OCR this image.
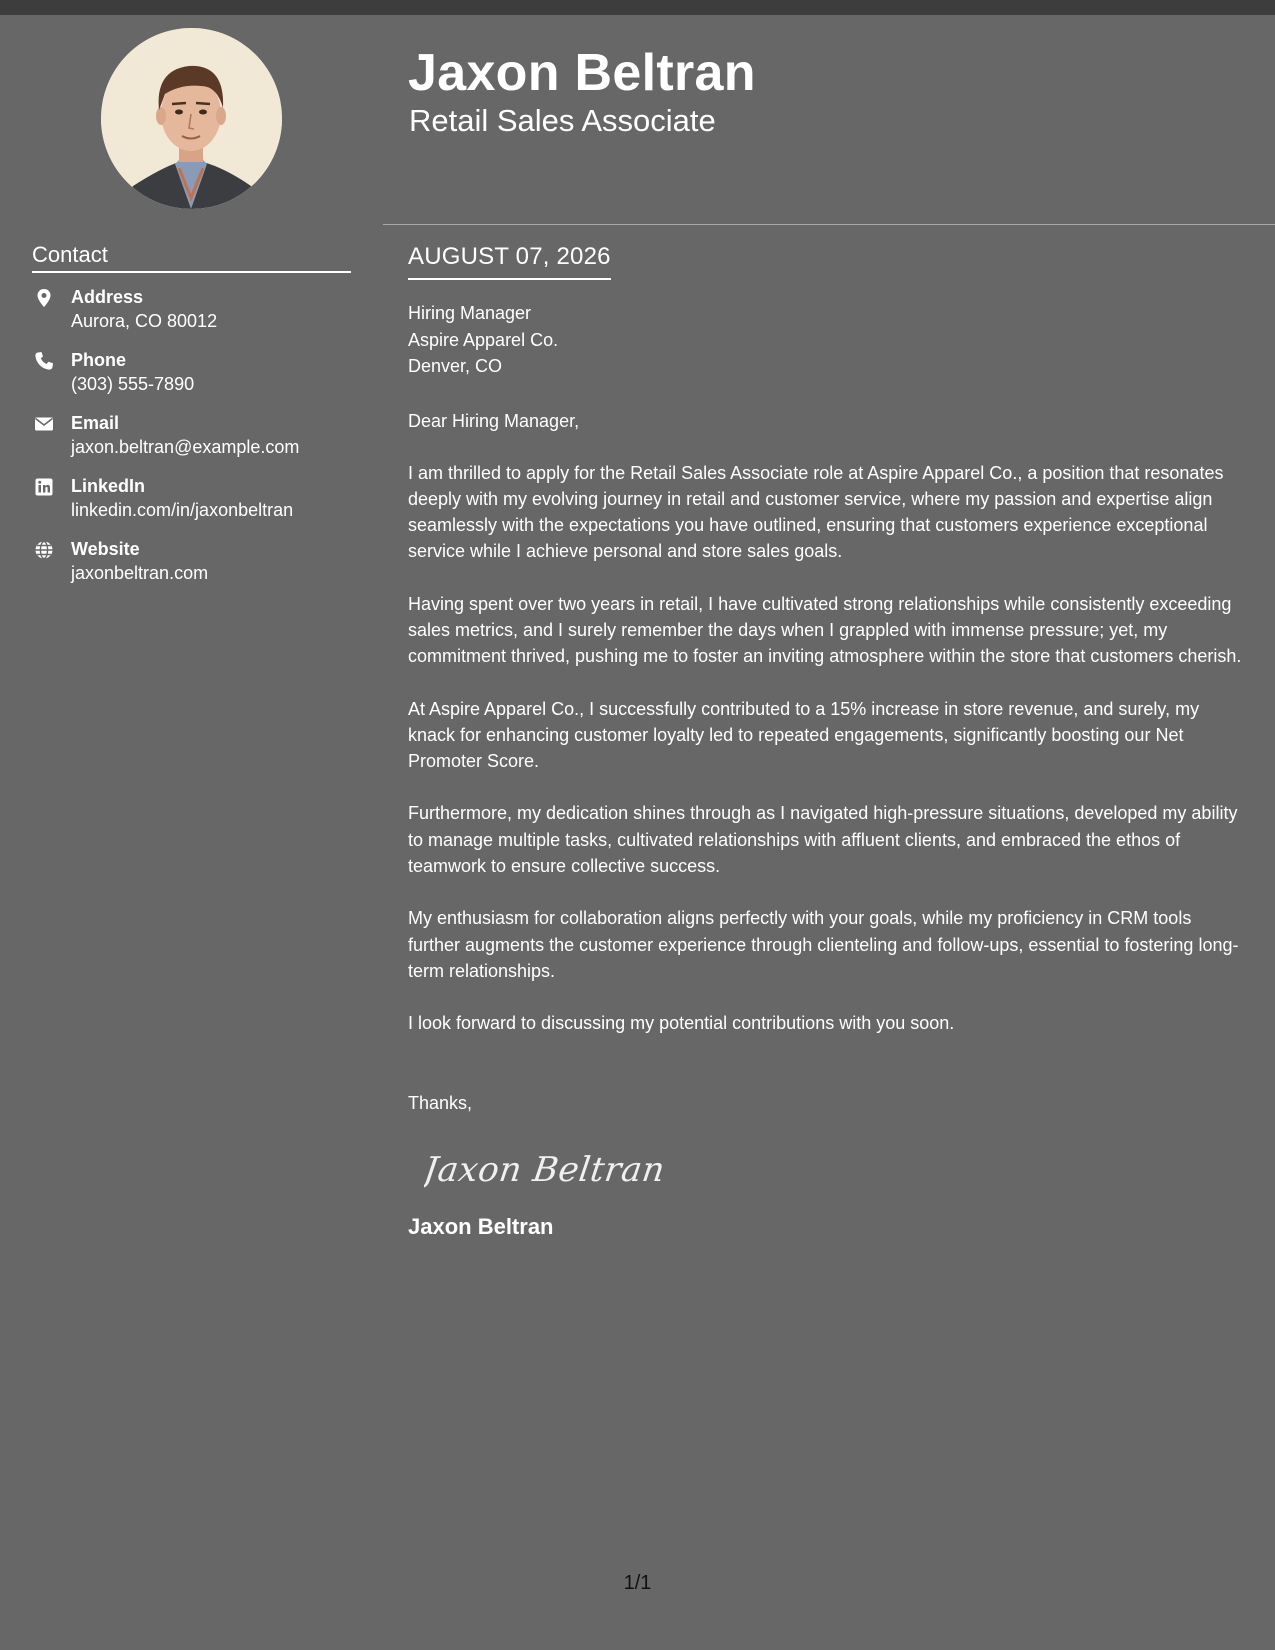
Contact
Address
Aurora, CO 80012
Phone
(303) 555-7890
Email
jaxon.beltran@example.com
LinkedIn
linkedin.com/in/jaxonbeltran
Website
jaxonbeltran.com
Jaxon Beltran
Retail Sales Associate
AUGUST 07, 2026
Hiring Manager
Aspire Apparel Co.
Denver, CO

Dear Hiring Manager,

I am thrilled to apply for the Retail Sales Associate role at Aspire Apparel Co., a position that resonates deeply with my evolving journey in retail and customer service, where my passion and expertise align seamlessly with the expectations you have outlined, ensuring that customers experience exceptional service while I achieve personal and store sales goals.

Having spent over two years in retail, I have cultivated strong relationships while consistently exceeding sales metrics, and I surely remember the days when I grappled with immense pressure; yet, my commitment thrived, pushing me to foster an inviting atmosphere within the store that customers cherish.

At Aspire Apparel Co., I successfully contributed to a 15% increase in store revenue, and surely, my knack for enhancing customer loyalty led to repeated engagements, significantly boosting our Net Promoter Score.

Furthermore, my dedication shines through as I navigated high-pressure situations, developed my ability to manage multiple tasks, cultivated relationships with affluent clients, and embraced the ethos of teamwork to ensure collective success.

My enthusiasm for collaboration aligns perfectly with your goals, while my proficiency in CRM tools further augments the customer experience through clienteling and follow-ups, essential to fostering long-term relationships.

I look forward to discussing my potential contributions with you soon.

Thanks,

Jaxon Beltran
Jaxon Beltran
1/1
